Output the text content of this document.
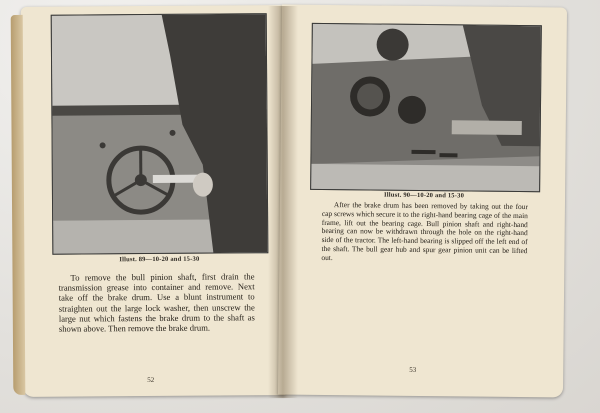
Illust. 89—10-20 and 15-30

To remove the bull pinion shaft, first drain the transmission grease into container and remove. Next take off the brake drum. Use a blunt instrument to straighten out the large lock washer, then unscrew the large nut which fastens the brake drum to the shaft as shown above. Then remove the brake drum.

52
Illust. 90—10-20 and 15-30

After the brake drum has been removed by taking out the four cap screws which secure it to the right-hand bearing cage of the main frame, lift out the bearing cage. Bull pinion shaft and right-hand bearing can now be withdrawn through the hole on the right-hand side of the tractor. The left-hand bearing is slipped off the left end of the shaft. The bull gear hub and spur gear pinion unit can be lifted out.

53
